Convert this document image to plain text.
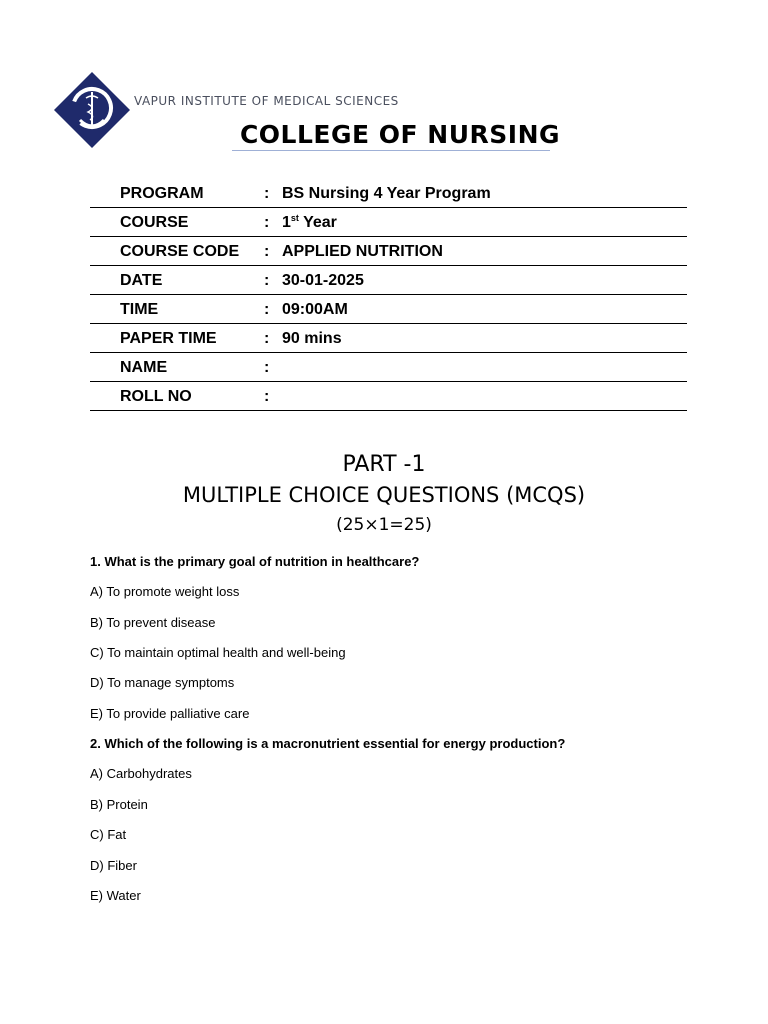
VAPUR INSTITUTE OF MEDICAL SCIENCES
COLLEGE OF NURSING
PROGRAM	: BS Nursing 4 Year Program
COURSE	: 1st Year
COURSE CODE : APPLIED NUTRITION
DATE	: 30-01-2025
TIME	: 09:00AM
PAPER TIME	: 90 mins
NAME	:
ROLL NO	:
PART -1
MULTIPLE CHOICE QUESTIONS (MCQS)
(25×1=25)
1. What is the primary goal of nutrition in healthcare?
A) To promote weight loss
B) To prevent disease
C) To maintain optimal health and well-being
D) To manage symptoms
E) To provide palliative care
2. Which of the following is a macronutrient essential for energy production?
A) Carbohydrates
B) Protein
C) Fat
D) Fiber
E) Water
